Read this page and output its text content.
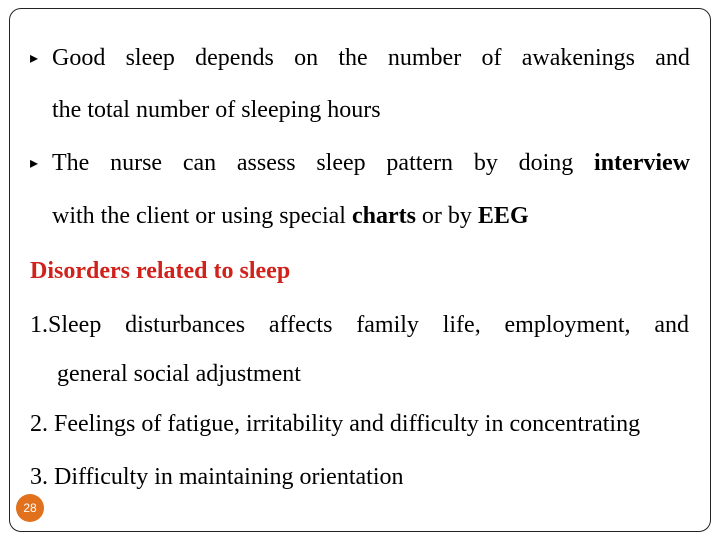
▸ Good sleep depends on the number of awakenings and
the total number of sleeping hours
▸ The nurse can assess sleep pattern by doing interview
with the client or using special charts or by EEG
Disorders related to sleep
1.Sleep disturbances affects family life, employment, and
general social adjustment
2. Feelings of fatigue, irritability and difficulty in concentrating
3. Difficulty in maintaining orientation
28
